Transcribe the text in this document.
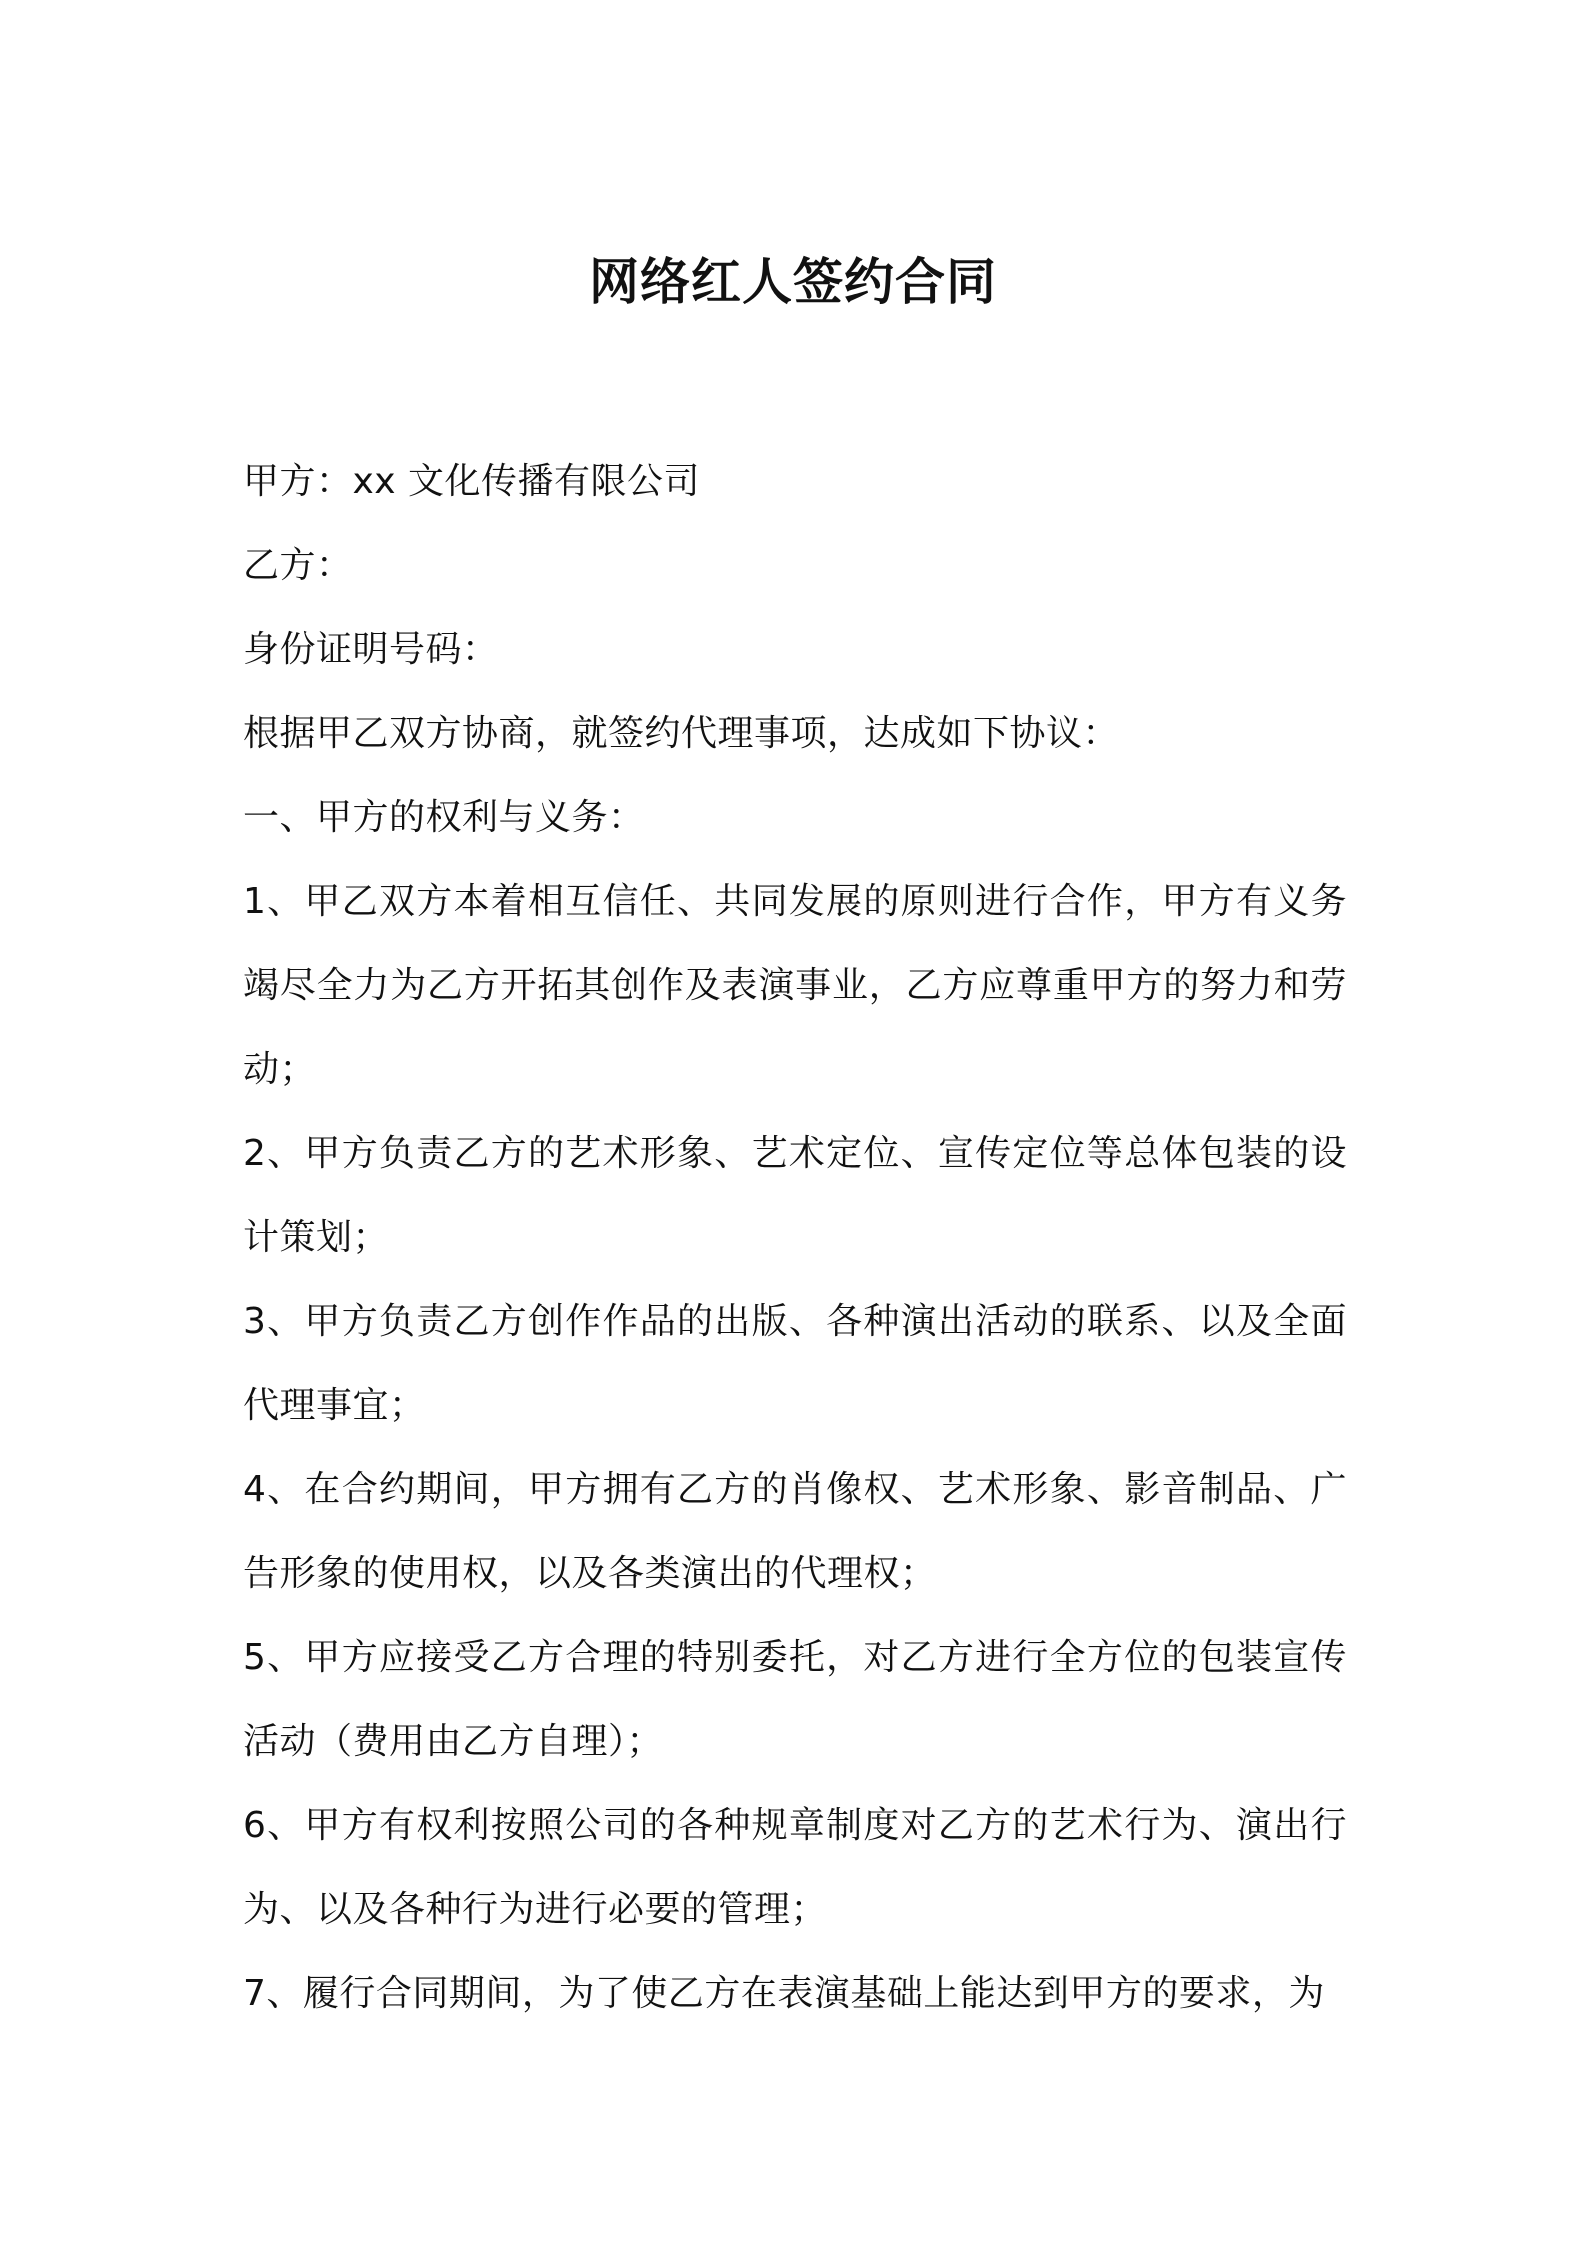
网络红人签约合同

甲方：xx 文化传播有限公司

乙方：

身份证明号码：

根据甲乙双方协商，就签约代理事项，达成如下协议：

一、甲方的权利与义务：

1、甲乙双方本着相互信任、共同发展的原则进行合作，甲方有义务竭尽全力为乙方开拓其创作及表演事业，乙方应尊重甲方的努力和劳动；

2、甲方负责乙方的艺术形象、艺术定位、宣传定位等总体包装的设计策划；

3、甲方负责乙方创作作品的出版、各种演出活动的联系、以及全面代理事宜；

4、在合约期间，甲方拥有乙方的肖像权、艺术形象、影音制品、广告形象的使用权，以及各类演出的代理权；

5、甲方应接受乙方合理的特别委托，对乙方进行全方位的包装宣传活动（费用由乙方自理）；

6、甲方有权利按照公司的各种规章制度对乙方的艺术行为、演出行为、以及各种行为进行必要的管理；

7、履行合同期间，为了使乙方在表演基础上能达到甲方的要求，为
